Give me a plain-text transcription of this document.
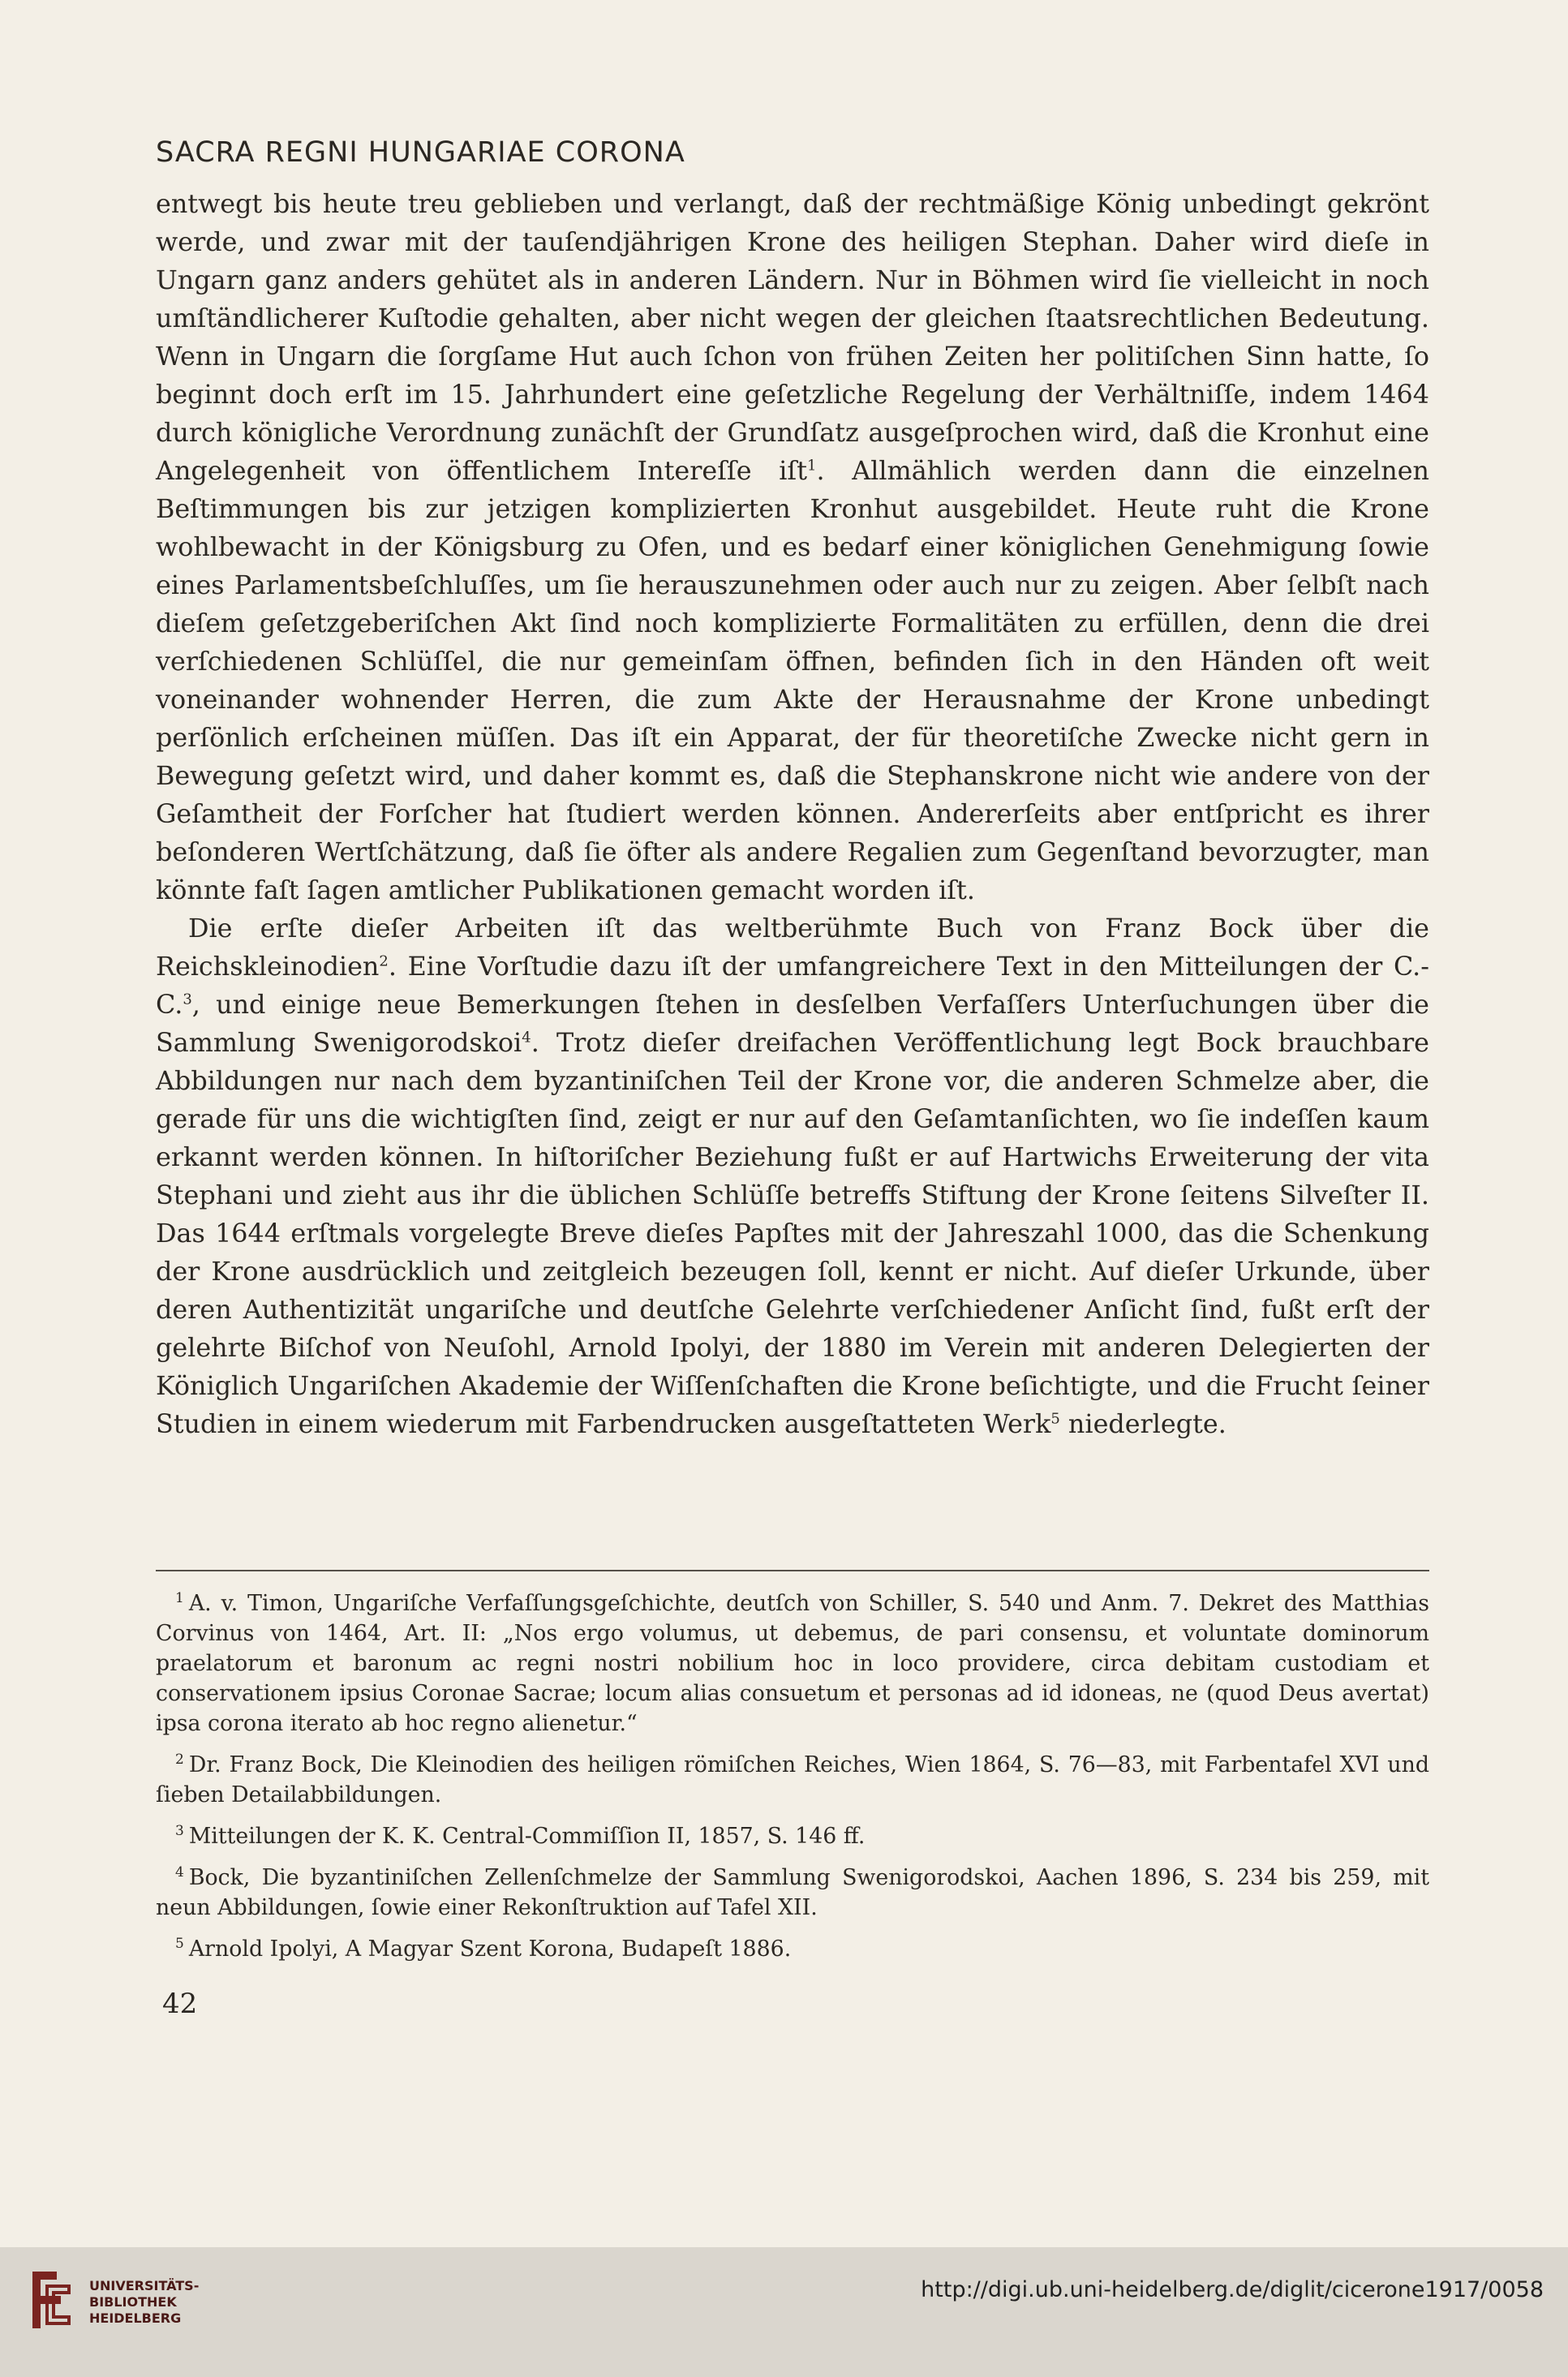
SACRA REGNI HUNGARIAE CORONA

entwegt bis heute treu geblieben und verlangt, daß der rechtmäßige König unbedingt gekrönt werde, und zwar mit der tauſendjährigen Krone des heiligen Stephan. Daher wird dieſe in Ungarn ganz anders gehütet als in anderen Ländern. Nur in Böhmen wird ſie vielleicht in noch umſtändlicherer Kuſtodie gehalten, aber nicht wegen der gleichen ſtaatsrechtlichen Bedeutung. Wenn in Ungarn die ſorgſame Hut auch ſchon von frühen Zeiten her politiſchen Sinn hatte, ſo beginnt doch erſt im 15. Jahrhundert eine geſetzliche Regelung der Verhältniſſe, indem 1464 durch königliche Verordnung zunächſt der Grundſatz ausgeſprochen wird, daß die Kronhut eine Angelegenheit von öffentlichem Intereſſe iſt$^1$. Allmählich werden dann die einzelnen Beſtimmungen bis zur jetzigen komplizierten Kronhut ausgebildet. Heute ruht die Krone wohlbewacht in der Königsburg zu Ofen, und es bedarf einer königlichen Genehmigung ſowie eines Parlamentsbeſchluſſes, um ſie herauszunehmen oder auch nur zu zeigen. Aber ſelbſt nach dieſem geſetzgeberiſchen Akt ſind noch komplizierte Formalitäten zu erfüllen, denn die drei verſchiedenen Schlüſſel, die nur gemeinſam öffnen, befinden ſich in den Händen oft weit voneinander wohnender Herren, die zum Akte der Herausnahme der Krone unbedingt perſönlich erſcheinen müſſen. Das iſt ein Apparat, der für theoretiſche Zwecke nicht gern in Bewegung geſetzt wird, und daher kommt es, daß die Stephanskrone nicht wie andere von der Geſamtheit der Forſcher hat ſtudiert werden können. Andererſeits aber entſpricht es ihrer beſonderen Wertſchätzung, daß ſie öfter als andere Regalien zum Gegenſtand bevorzugter, man könnte faſt ſagen amtlicher Publikationen gemacht worden iſt.

Die erſte dieſer Arbeiten iſt das weltberühmte Buch von Franz Bock über die Reichskleinodien$^2$. Eine Vorſtudie dazu iſt der umfangreichere Text in den Mitteilungen der C.-C.$^3$, und einige neue Bemerkungen ſtehen in desſelben Verfaſſers Unterſuchungen über die Sammlung Swenigorodskoi$^4$. Trotz dieſer dreifachen Veröffentlichung legt Bock brauchbare Abbildungen nur nach dem byzantiniſchen Teil der Krone vor, die anderen Schmelze aber, die gerade für uns die wichtigſten ſind, zeigt er nur auf den Geſamtanſichten, wo ſie indeſſen kaum erkannt werden können. In hiſtoriſcher Beziehung fußt er auf Hartwichs Erweiterung der vita Stephani und zieht aus ihr die üblichen Schlüſſe betreffs Stiftung der Krone ſeitens Silveſter II. Das 1644 erſtmals vorgelegte Breve dieſes Papſtes mit der Jahreszahl 1000, das die Schenkung der Krone ausdrücklich und zeitgleich bezeugen ſoll, kennt er nicht. Auf dieſer Urkunde, über deren Authentizität ungariſche und deutſche Gelehrte verſchiedener Anſicht ſind, fußt erſt der gelehrte Biſchof von Neuſohl, Arnold Ipolyi, der 1880 im Verein mit anderen Delegierten der Königlich Ungariſchen Akademie der Wiſſenſchaften die Krone beſichtigte, und die Frucht ſeiner Studien in einem wiederum mit Farbendrucken ausgeſtatteten Werk$^5$ niederlegte.

$^1$ A. v. Timon, Ungariſche Verfaſſungsgeſchichte, deutſch von Schiller, S. 540 und Anm. 7. Dekret des Matthias Corvinus von 1464, Art. II: „Nos ergo volumus, ut debemus, de pari consensu, et voluntate dominorum praelatorum et baronum ac regni nostri nobilium hoc in loco providere, circa debitam custodiam et conservationem ipsius Coronae Sacrae; locum alias consuetum et personas ad id idoneas, ne (quod Deus avertat) ipsa corona iterato ab hoc regno alienetur.“

$^2$ Dr. Franz Bock, Die Kleinodien des heiligen römiſchen Reiches, Wien 1864, S. 76—83, mit Farbentafel XVI und ſieben Detailabbildungen.

$^3$ Mitteilungen der K. K. Central-Commiſſion II, 1857, S. 146 ff.

$^4$ Bock, Die byzantiniſchen Zellenſchmelze der Sammlung Swenigorodskoi, Aachen 1896, S. 234 bis 259, mit neun Abbildungen, ſowie einer Rekonſtruktion auf Tafel XII.

$^5$ Arnold Ipolyi, A Magyar Szent Korona, Budapeſt 1886.

42
UNIVERSITÄTS-
BIBLIOTHEK
HEIDELBERG
http://digi.ub.uni-heidelberg.de/diglit/cicerone1917/0058
